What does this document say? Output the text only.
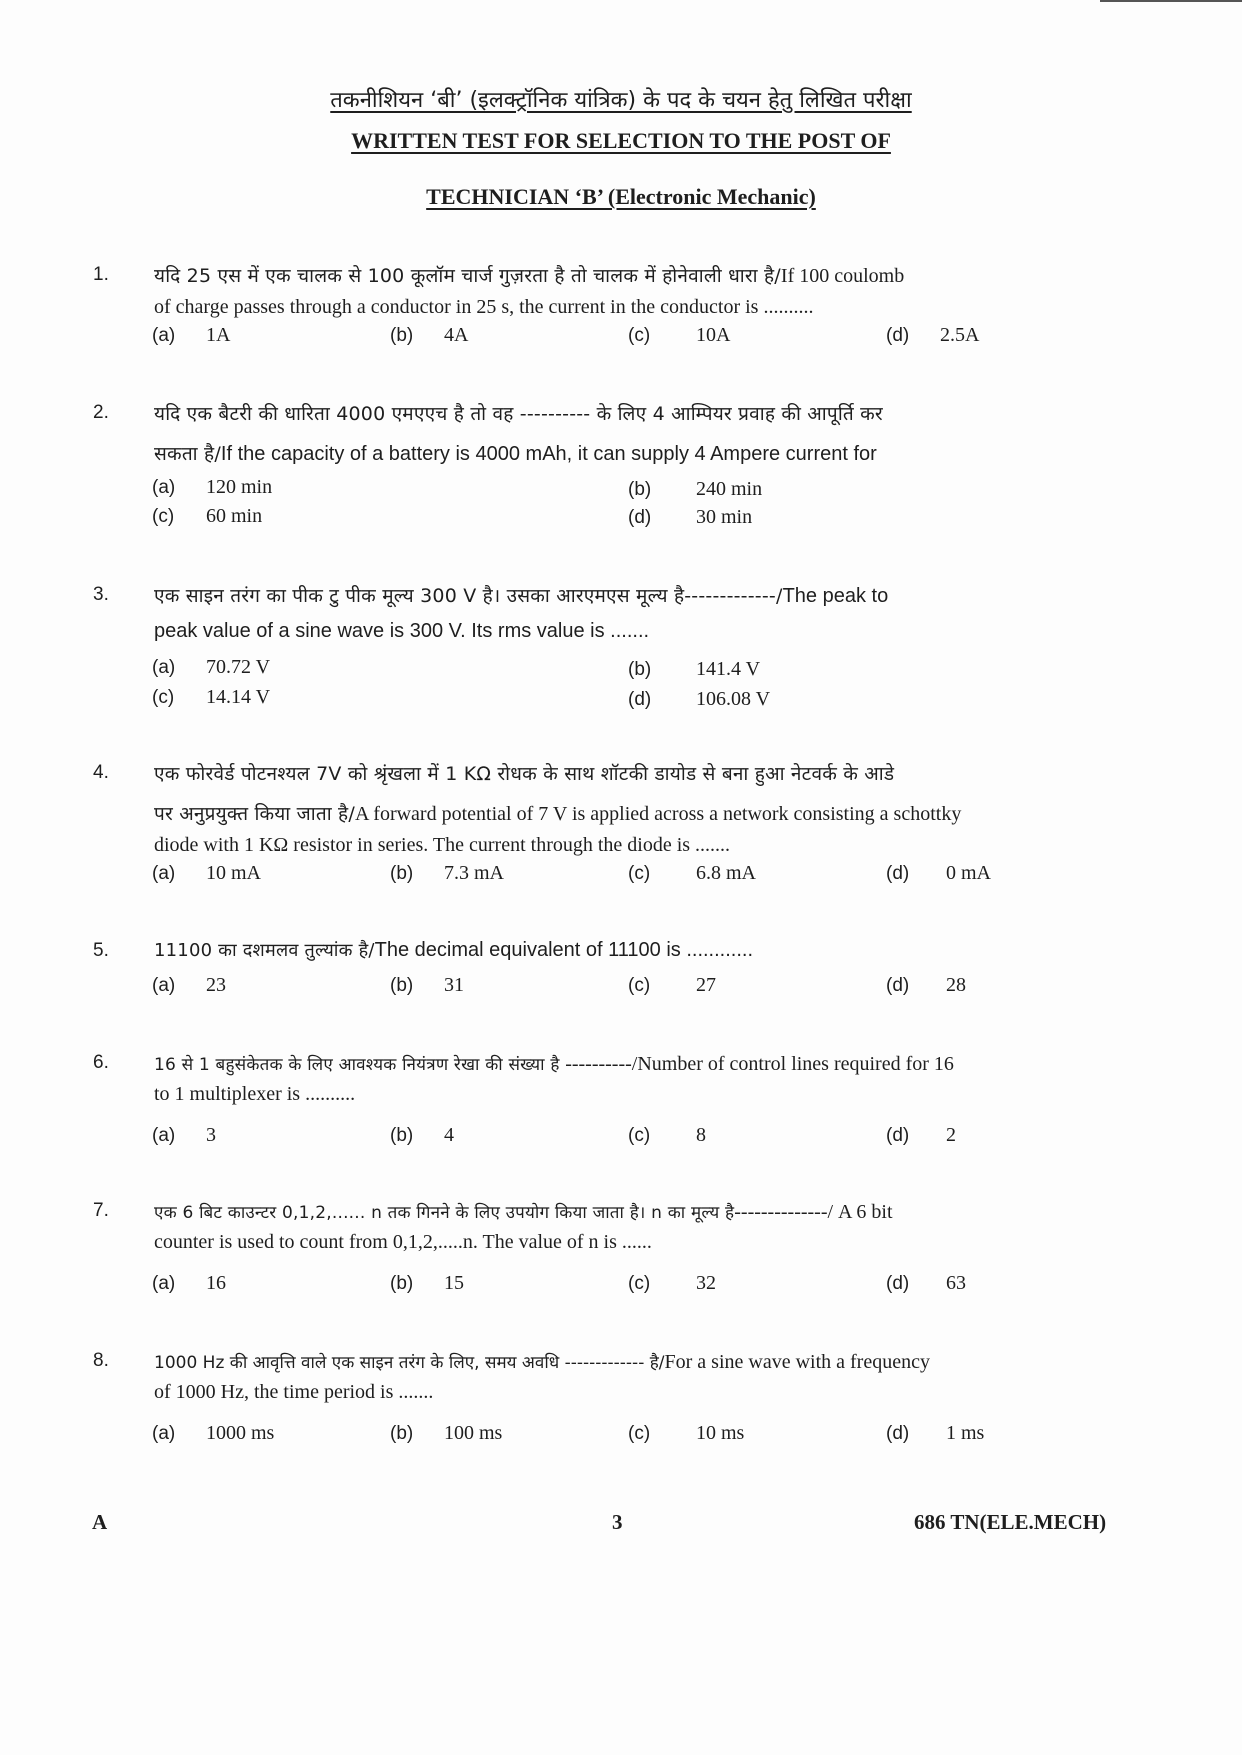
तकनीशियन ‘बी’ (इलक्ट्रॉनिक यांत्रिक) के पद के चयन हेतु लिखित परीक्षा
WRITTEN TEST FOR SELECTION TO THE POST OF
TECHNICIAN ‘B’ (Electronic Mechanic)
1. यदि 25 एस में एक चालक से 100 कूलॉम चार्ज गुज़रता है तो चालक में होनेवाली धारा है/If 100 coulomb
of charge passes through a conductor in 25 s, the current in the conductor is ..........
(a) 1A	(b) 4A	(c) 10A	(d) 2.5A
2. यदि एक बैटरी की धारिता 4000 एमएएच है तो वह ---------- के लिए 4 आम्पियर प्रवाह की आपूर्ति कर
सकता है/If the capacity of a battery is 4000 mAh, it can supply 4 Ampere current for
(a) 120 min	(b) 240 min
(c) 60 min	(d) 30 min
3. एक साइन तरंग का पीक टु पीक मूल्य 300 V है। उसका आरएमएस मूल्य है-------------/The peak to
peak value of a sine wave is 300 V. Its rms value is .......
(a) 70.72 V	(b) 141.4 V
(c) 14.14 V	(d) 106.08 V
4. एक फोरवेर्ड पोटनश्यल 7V को श्रृंखला में 1 KΩ रोधक के साथ शॉटकी डायोड से बना हुआ नेटवर्क के आडे
पर अनुप्रयुक्त किया जाता है/A forward potential of 7 V is applied across a network consisting a schottky
diode with 1 KΩ resistor in series. The current through the diode is .......
(a) 10 mA	(b) 7.3 mA	(c) 6.8 mA	(d) 0 mA
5.	11100 का दशमलव तुल्यांक है/The decimal equivalent of 11100 is ............
(a) 23	(b) 31	(c) 27	(d) 28
6.	16 से 1 बहुसंकेतक के लिए आवश्यक नियंत्रण रेखा की संख्या है ----------/Number of control lines required for 16
to 1 multiplexer is ..........
(a) 3	(b) 4	(c) 8	(d) 2
7.	एक 6 बिट काउन्टर 0,1,2,...... n तक गिनने के लिए उपयोग किया जाता है। n का मूल्य है--------------/ A 6 bit
counter is used to count from 0,1,2,.....n. The value of n is ......
(a) 16	(b) 15	(c) 32	(d) 63
8.	1000 Hz की आवृत्ति वाले एक साइन तरंग के लिए, समय अवधि ------------- है/For a sine wave with a frequency
of 1000 Hz, the time period is .......
(a) 1000 ms	(b) 100 ms	(c) 10 ms	(d) 1 ms
A	3	686 TN(ELE.MECH)
